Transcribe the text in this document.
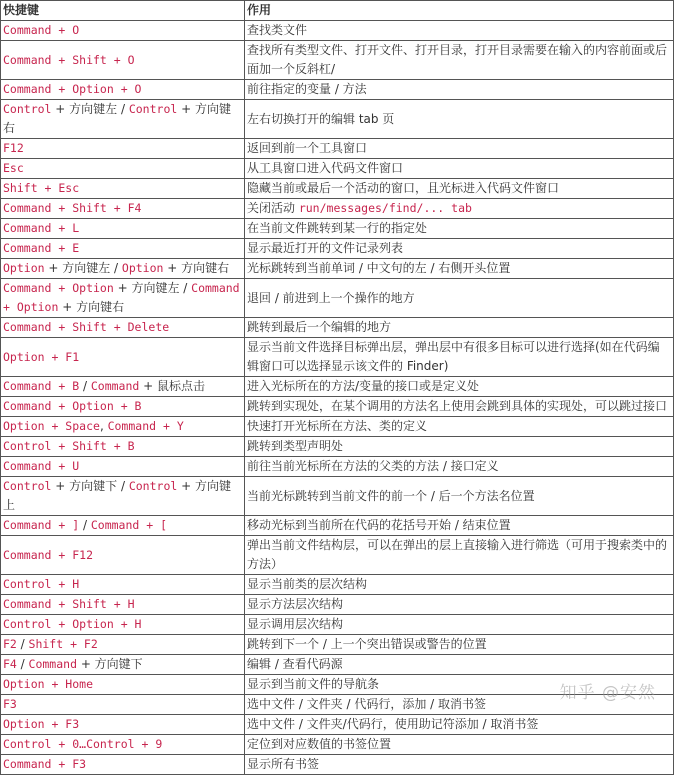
快捷键	作用
Command + O	查找类文件
Command + Shift + O	查找所有类型文件、打开文件、打开目录，打开目录需要在输入的内容前面或后面加一个反斜杠/
Command + Option + O	前往指定的变量 / 方法
Control + 方向键左 / Control + 方向键右	左右切换打开的编辑 tab 页
F12	返回到前一个工具窗口
Esc	从工具窗口进入代码文件窗口
Shift + Esc	隐藏当前或最后一个活动的窗口，且光标进入代码文件窗口
Command + Shift + F4	关闭活动 run/messages/find/... tab
Command + L	在当前文件跳转到某一行的指定处
Command + E	显示最近打开的文件记录列表
Option + 方向键左 / Option + 方向键右	光标跳转到当前单词 / 中文句的左 / 右侧开头位置
Command + Option + 方向键左 / Command + Option + 方向键右	退回 / 前进到上一个操作的地方
Command + Shift + Delete	跳转到最后一个编辑的地方
Option + F1	显示当前文件选择目标弹出层，弹出层中有很多目标可以进行选择(如在代码编辑窗口可以选择显示该文件的 Finder)
Command + B / Command + 鼠标点击	进入光标所在的方法/变量的接口或是定义处
Command + Option + B	跳转到实现处，在某个调用的方法名上使用会跳到具体的实现处，可以跳过接口
Option + Space, Command + Y	快速打开光标所在方法、类的定义
Control + Shift + B	跳转到类型声明处
Command + U	前往当前光标所在方法的父类的方法 / 接口定义
Control + 方向键下 / Control + 方向键上	当前光标跳转到当前文件的前一个 / 后一个方法名位置
Command + ] / Command + [	移动光标到当前所在代码的花括号开始 / 结束位置
Command + F12	弹出当前文件结构层，可以在弹出的层上直接输入进行筛选（可用于搜索类中的方法）
Control + H	显示当前类的层次结构
Command + Shift + H	显示方法层次结构
Control + Option + H	显示调用层次结构
F2 / Shift + F2	跳转到下一个 / 上一个突出错误或警告的位置
F4 / Command + 方向键下	编辑 / 查看代码源
Option + Home	显示到当前文件的导航条
F3	选中文件 / 文件夹 / 代码行，添加 / 取消书签
Option + F3	选中文件 / 文件夹/代码行，使用助记符添加 / 取消书签
Control + 0…Control + 9	定位到对应数值的书签位置
Command + F3	显示所有书签
知乎 @安然
